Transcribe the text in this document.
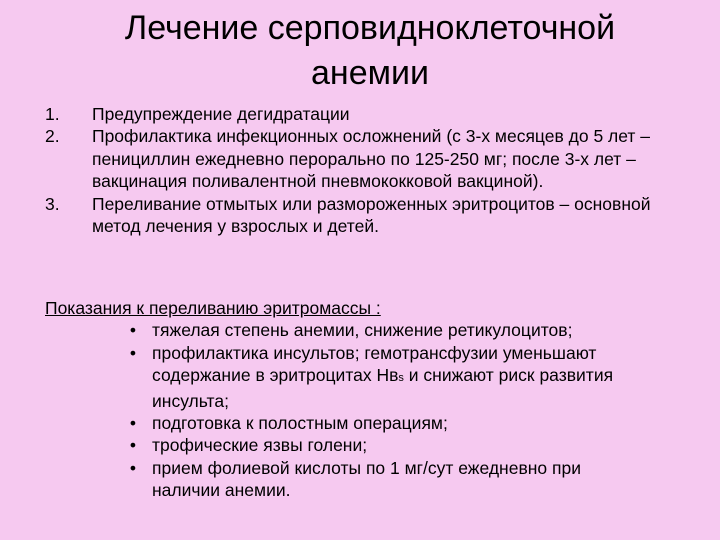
Лечение серповидноклеточной
анемии
1.	Предупреждение дегидратации
2.	Профилактика инфекционных осложнений (с 3-х месяцев до 5 лет – пенициллин ежедневно перорально по 125-250 мг; после 3-х лет – вакцинация поливалентной пневмококковой вакциной).
3.	Переливание отмытых или размороженных эритроцитов – основной метод лечения у взрослых и детей.
Показания к переливанию эритромассы :
• тяжелая степень анемии, снижение ретикулоцитов;
• профилактика инсультов; гемотрансфузии уменьшают содержание в эритроцитах Нвs и снижают риск развития инсульта;
• подготовка к полостным операциям;
• трофические язвы голени;
• прием фолиевой кислоты по 1 мг/сут ежедневно при наличии анемии.
